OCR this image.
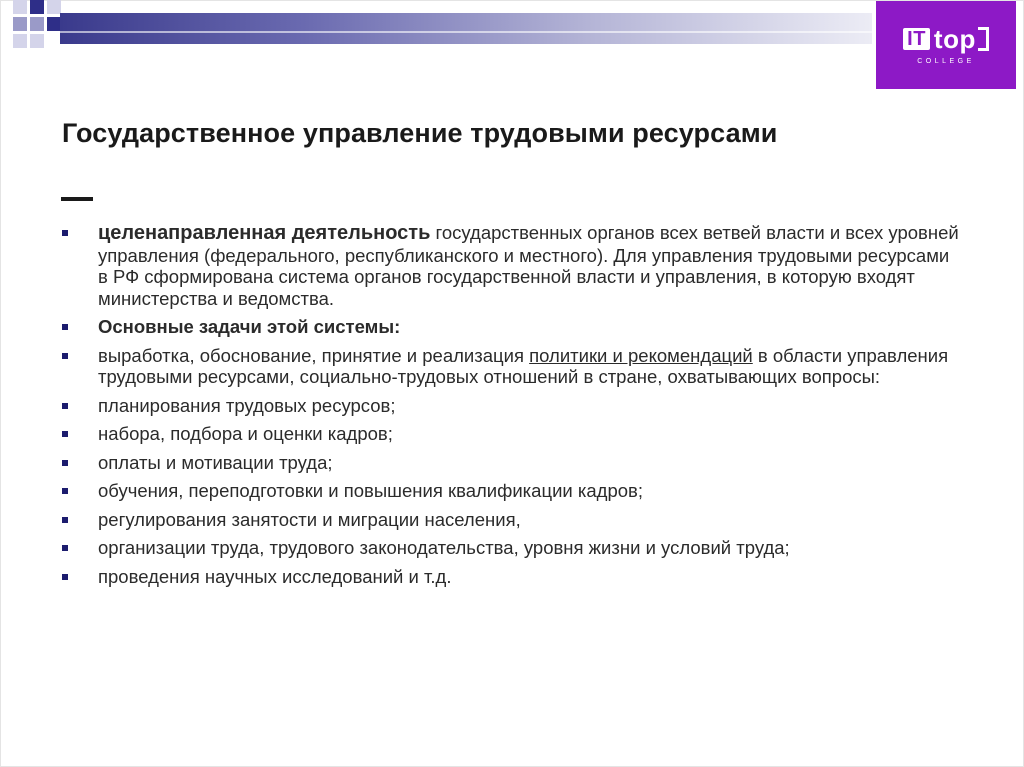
IT top
COLLEGE
Государственное управление трудовыми ресурсами
целенаправленная деятельность государственных органов всех ветвей власти и всех уровней управления (федерального, республиканского и местного). Для управления трудовыми ресурсами в РФ сформирована система органов государственной власти и управления, в которую входят министерства и ведомства.
Основные задачи этой системы:
выработка, обоснование, принятие и реализация политики и рекомендаций в области управления трудовыми ресурсами, социально-трудовых отношений в стране, охватывающих вопросы:
планирования трудовых ресурсов;
набора, подбора и оценки кадров;
оплаты и мотивации труда;
обучения, переподготовки и повышения квалификации кадров;
регулирования занятости и миграции населения,
организации труда, трудового законодательства, уровня жизни и условий труда;
проведения научных исследований и т.д.
